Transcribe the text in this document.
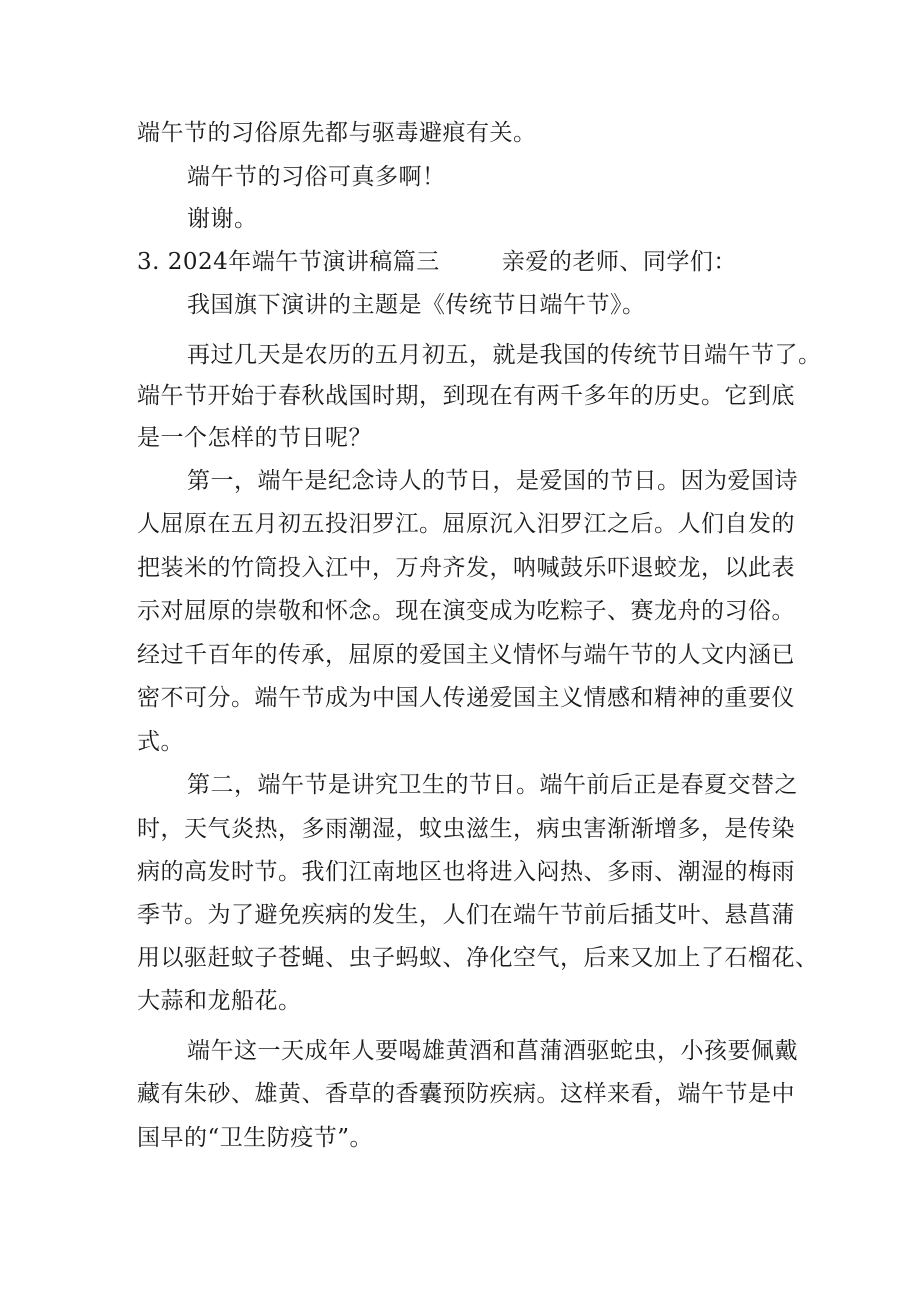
端午节的习俗原先都与驱毒避痕有关。
端午节的习俗可真多啊！
谢谢。
3. 2024年端午节演讲稿篇三	亲爱的老师、同学们：
我国旗下演讲的主题是《传统节日端午节》。
再过几天是农历的五月初五，就是我国的传统节日端午节了。
端午节开始于春秋战国时期，到现在有两千多年的历史。它到底
是一个怎样的节日呢？
第一，端午是纪念诗人的节日，是爱国的节日。因为爱国诗
人屈原在五月初五投汨罗江。屈原沉入汨罗江之后。人们自发的
把装米的竹筒投入江中，万舟齐发，呐喊鼓乐吓退蛟龙，以此表
示对屈原的崇敬和怀念。现在演变成为吃粽子、赛龙舟的习俗。
经过千百年的传承，屈原的爱国主义情怀与端午节的人文内涵已
密不可分。端午节成为中国人传递爱国主义情感和精神的重要仪
式。
第二，端午节是讲究卫生的节日。端午前后正是春夏交替之
时，天气炎热，多雨潮湿，蚊虫滋生，病虫害渐渐增多，是传染
病的高发时节。我们江南地区也将进入闷热、多雨、潮湿的梅雨
季节。为了避免疾病的发生，人们在端午节前后插艾叶、悬菖蒲
用以驱赶蚊子苍蝇、虫子蚂蚁、净化空气，后来又加上了石榴花、
大蒜和龙船花。
端午这一天成年人要喝雄黄酒和菖蒲酒驱蛇虫，小孩要佩戴
藏有朱砂、雄黄、香草的香囊预防疾病。这样来看，端午节是中
国早的“卫生防疫节”。
